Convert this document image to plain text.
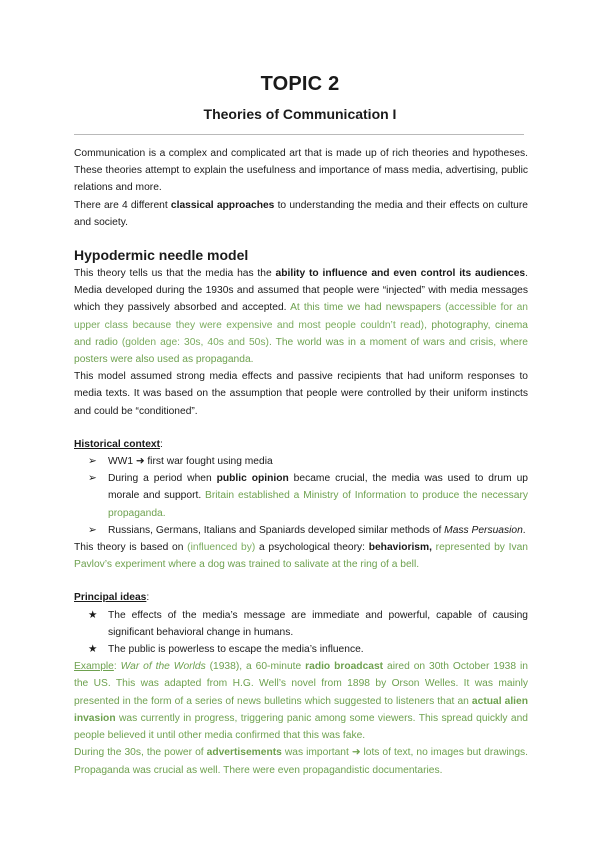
TOPIC 2
Theories of Communication I

Communication is a complex and complicated art that is made up of rich theories and hypotheses. These theories attempt to explain the usefulness and importance of mass media, advertising, public relations and more.

There are 4 different classical approaches to understanding the media and their effects on culture and society.

Hypodermic needle model

This theory tells us that the media has the ability to influence and even control its audiences. Media developed during the 1930s and assumed that people were “injected” with media messages which they passively absorbed and accepted. At this time we had newspapers (accessible for an upper class because they were expensive and most people couldn’t read), photography, cinema and radio (golden age: 30s, 40s and 50s). The world was in a moment of wars and crisis, where posters were also used as propaganda.

This model assumed strong media effects and passive recipients that had uniform responses to media texts. It was based on the assumption that people were controlled by their uniform instincts and could be “conditioned”.

Historical context:

➢ WW1 ➜ first war fought using media
➢ During a period when public opinion became crucial, the media was used to drum up morale and support. Britain established a Ministry of Information to produce the necessary propaganda.
➢ Russians, Germans, Italians and Spaniards developed similar methods of Mass Persuasion.

This theory is based on (influenced by) a psychological theory: behaviorism, represented by Ivan Pavlov’s experiment where a dog was trained to salivate at the ring of a bell.

Principal ideas:

★ The effects of the media’s message are immediate and powerful, capable of causing significant behavioral change in humans.
★ The public is powerless to escape the media’s influence.

Example: War of the Worlds (1938), a 60-minute radio broadcast aired on 30th October 1938 in the US. This was adapted from H.G. Well’s novel from 1898 by Orson Welles. It was mainly presented in the form of a series of news bulletins which suggested to listeners that an actual alien invasion was currently in progress, triggering panic among some viewers. This spread quickly and people believed it until other media confirmed that this was fake.

During the 30s, the power of advertisements was important ➜ lots of text, no images but drawings. Propaganda was crucial as well. There were even propagandistic documentaries.
